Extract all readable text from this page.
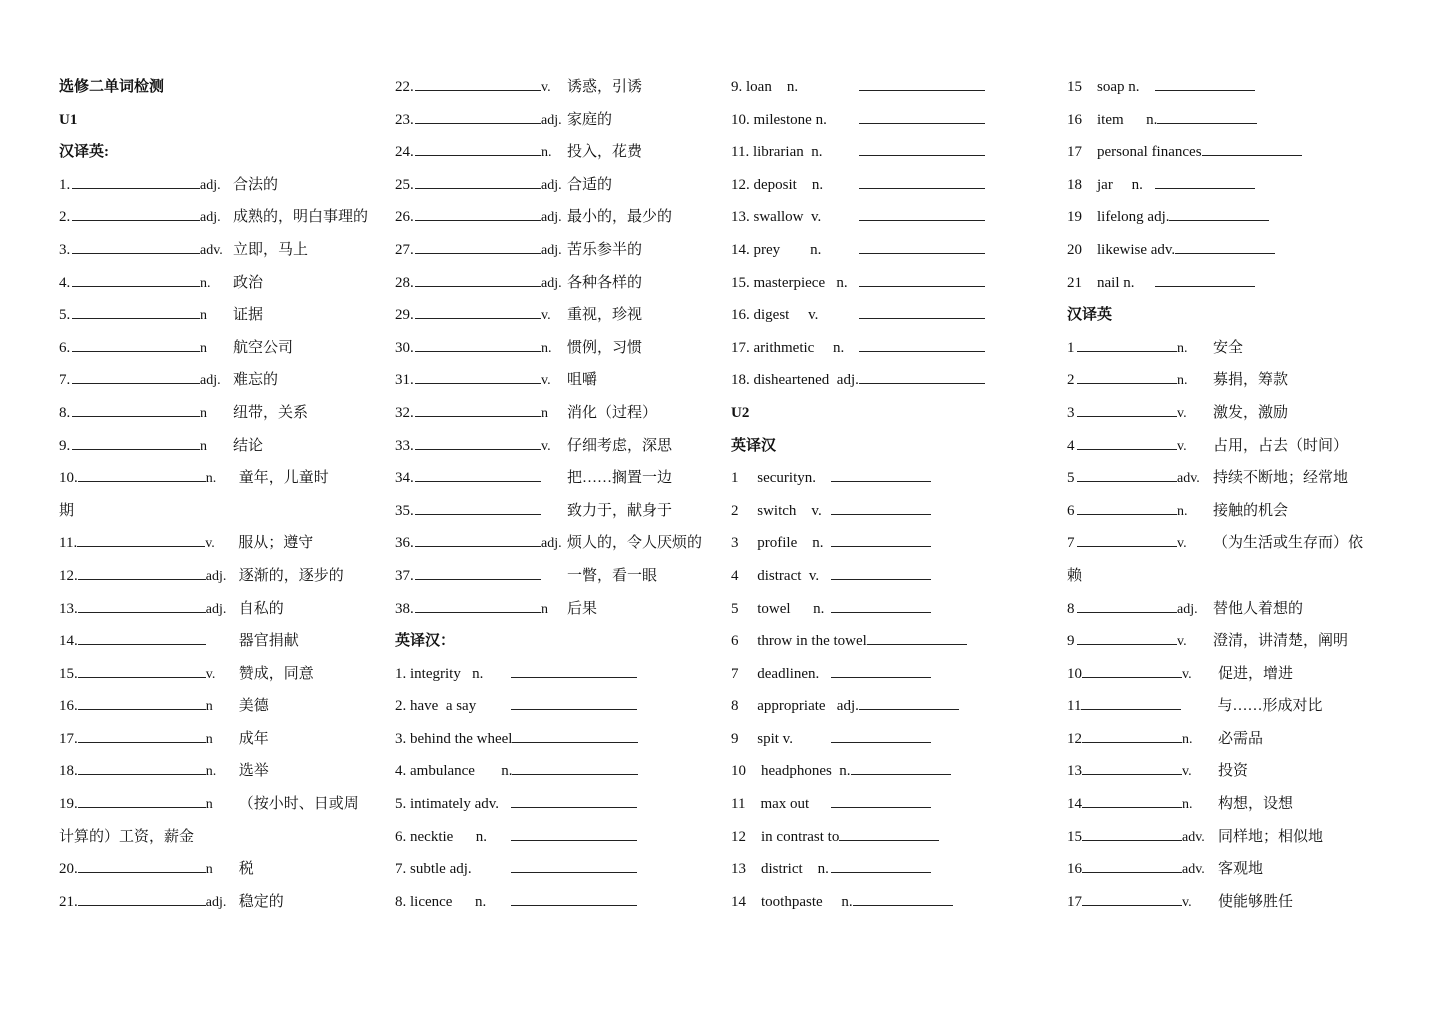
选修二单词检测
U1
汉译英:
1.	adj. 合法的
2.	adj. 成熟的，明白事理的
3.	adv. 立即，马上
4.	n.	政治
5.	n	证据
6.	n	航空公司
7.	adj. 难忘的
8.	n	纽带，关系
9.	n	结论
10.	n.	童年，儿童时
期
11.	v.	服从；遵守
12.	adj. 逐渐的，逐步的
13.	adj. 自私的
14.	器官捐献
15.	v.	赞成，同意
16.	n	美德
17.	n	成年
18.	n.	选举
19.	n	（按小时、日或周
计算的）工资，薪金
20.	n	税
21.	adj. 稳定的
22.	v.	诱惑，引诱
23.	adj. 家庭的
24.	n.	投入，花费
25.	adj. 合适的
26.	adj. 最小的，最少的
27.	adj. 苦乐参半的
28.	adj. 各种各样的
29.	v.	重视，珍视
30.	n.	惯例，习惯
31.	v.	咀嚼
32.	n	消化（过程）
33.	v.	仔细考虑，深思
34.	把……搁置一边
35.	致力于，献身于
36.	adj. 烦人的，令人厌烦的
37.	一瞥，看一眼
38.	n	后果
英译汉：
1. integrity   n.
2. have  a say
3. behind the wheel
4. ambulance       n.
5. intimately adv.
6. necktie      n.
7. subtle adj.
8. licence      n.
9. loan    n.
10. milestone n.
11. librarian  n.
12. deposit    n.
13. swallow  v.
14. prey        n.
15. masterpiece   n.
16. digest     v.
17. arithmetic     n.
18. disheartened  adj.
U2
英译汉
1     securityn.
2     switch    v.
3     profile    n.
4     distract  v.
5     towel      n.
6     throw in the towel
7     deadlinen.
8     appropriate   adj.
9     spit v.
10    headphones  n.
11    max out
12    in contrast to
13    district    n.
14    toothpaste     n.
15    soap n.
16    item      n.
17    personal finances
18    jar     n.
19    lifelong adj.
20    likewise adv.
21    nail n.
汉译英
1	n.	安全
2	n.	募捐，筹款
3	v.	激发，激励
4	v.	占用，占去（时间）
5	adv. 持续不断地；经常地
6	n.	接触的机会
7	v.	（为生活或生存而）依
赖
8	adj.	替他人着想的
9	v.	澄清，讲清楚，阐明
10	v.	促进，增进
11	与……形成对比
12	n.	必需品
13	v.	投资
14	n.	构想，设想
15	adv. 同样地；相似地
16	adv. 客观地
17	v.	使能够胜任
